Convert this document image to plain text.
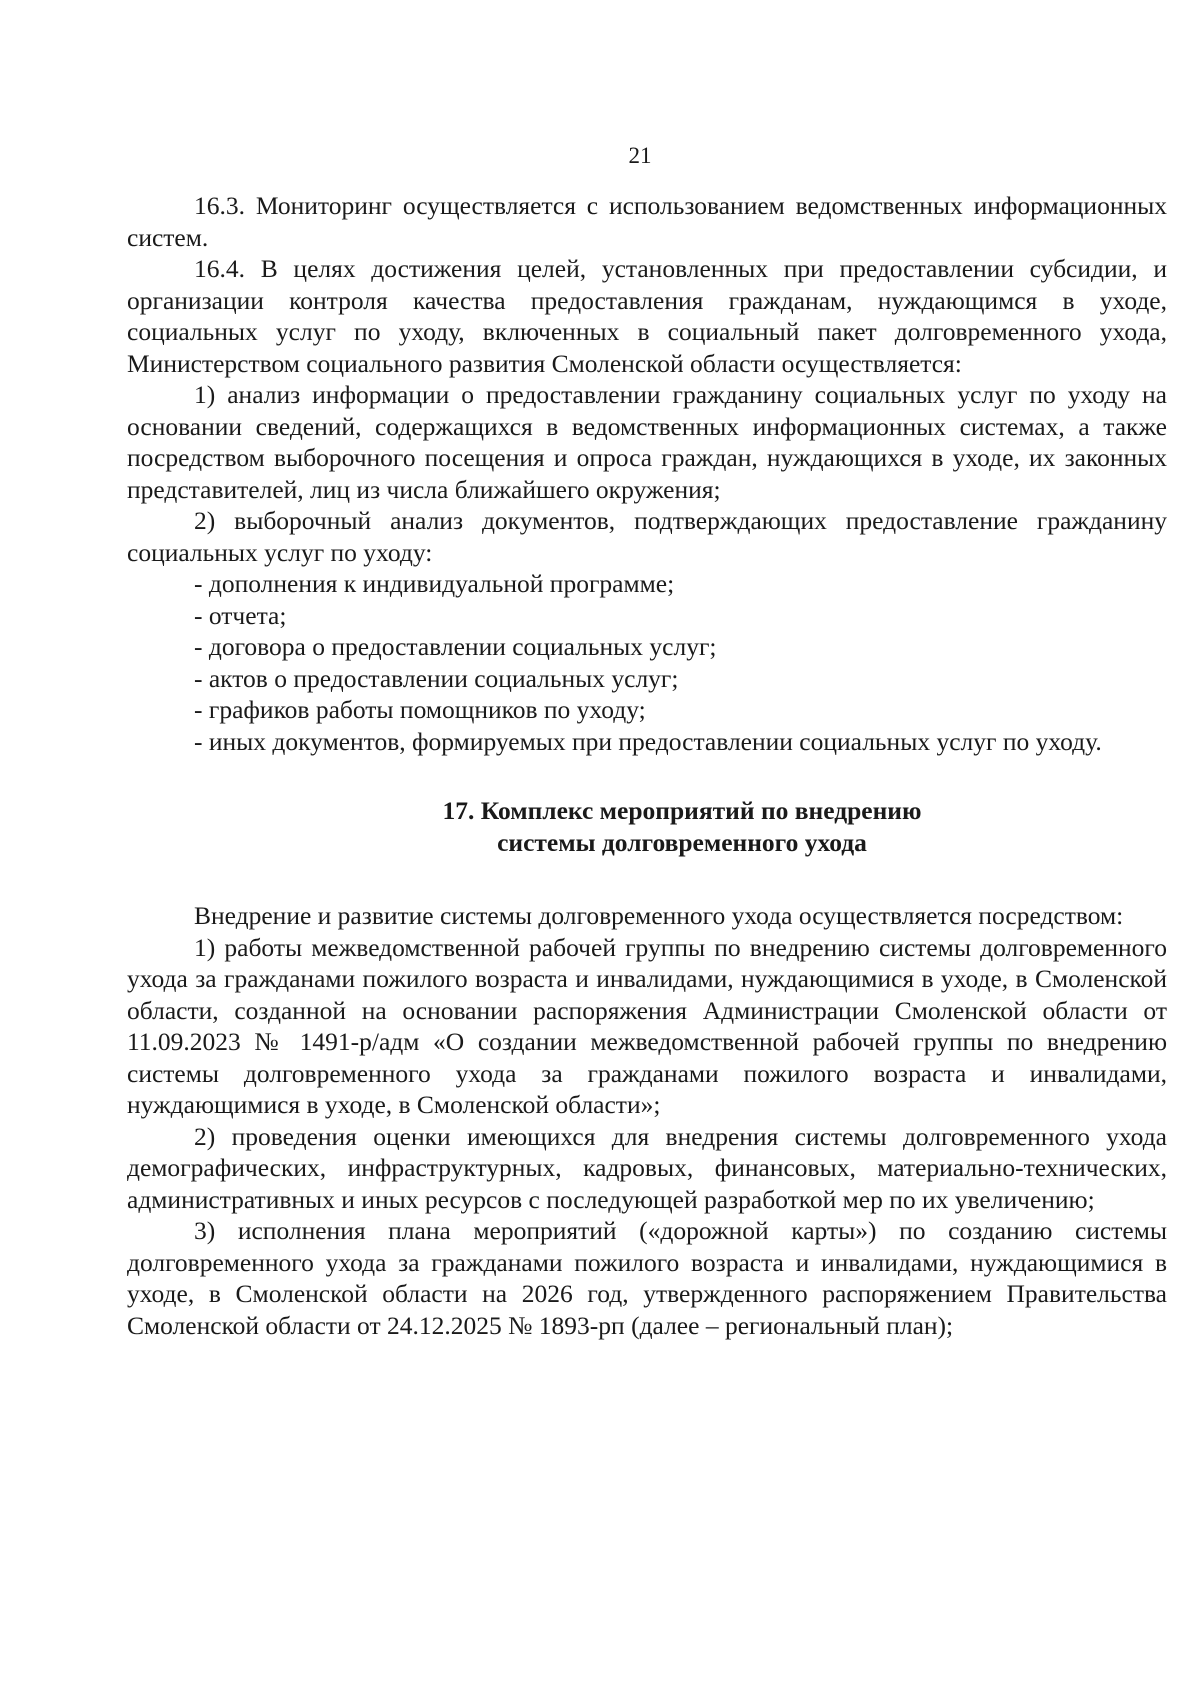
21

16.3. Мониторинг осуществляется с использованием ведомственных информационных систем.

16.4. В целях достижения целей, установленных при предоставлении субсидии, и организации контроля качества предоставления гражданам, нуждающимся в уходе, социальных услуг по уходу, включенных в социальный пакет долговременного ухода, Министерством социального развития Смоленской области осуществляется:

1) анализ информации о предоставлении гражданину социальных услуг по уходу на основании сведений, содержащихся в ведомственных информационных системах, а также посредством выборочного посещения и опроса граждан, нуждающихся в уходе, их законных представителей, лиц из числа ближайшего окружения;

2) выборочный анализ документов, подтверждающих предоставление гражданину социальных услуг по уходу:

- дополнения к индивидуальной программе;

- отчета;

- договора о предоставлении социальных услуг;

- актов о предоставлении социальных услуг;

- графиков работы помощников по уходу;

- иных документов, формируемых при предоставлении социальных услуг по уходу.

17. Комплекс мероприятий по внедрению
системы долговременного ухода

Внедрение и развитие системы долговременного ухода осуществляется посредством:

1) работы межведомственной рабочей группы по внедрению системы долговременного ухода за гражданами пожилого возраста и инвалидами, нуждающимися в уходе, в Смоленской области, созданной на основании распоряжения Администрации Смоленской области от 11.09.2023 № 1491-р/адм «О создании межведомственной рабочей группы по внедрению системы долговременного ухода за гражданами пожилого возраста и инвалидами, нуждающимися в уходе, в Смоленской области»;

2) проведения оценки имеющихся для внедрения системы долговременного ухода демографических, инфраструктурных, кадровых, финансовых, материально-технических, административных и иных ресурсов с последующей разработкой мер по их увеличению;

3) исполнения плана мероприятий («дорожной карты») по созданию системы долговременного ухода за гражданами пожилого возраста и инвалидами, нуждающимися в уходе, в Смоленской области на 2026 год, утвержденного распоряжением Правительства Смоленской области от 24.12.2025 № 1893-рп (далее – региональный план);
